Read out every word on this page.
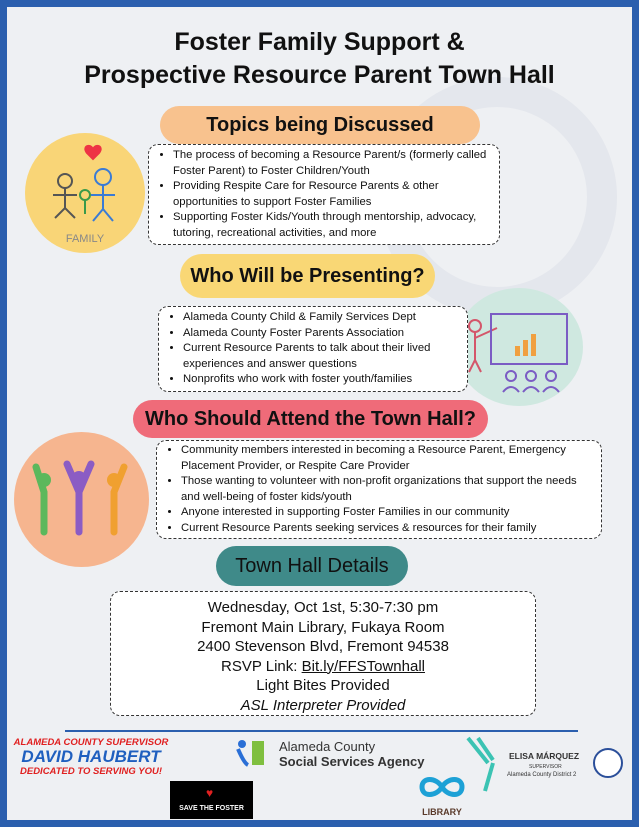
Foster Family Support &
Prospective Resource Parent Town Hall
FAMILY
Topics being Discussed
• The process of becoming a Resource Parent/s (formerly called Foster Parent) to Foster Children/Youth
• Providing Respite Care for Resource Parents & other opportunities to support Foster Families
• Supporting Foster Kids/Youth through mentorship, advocacy, tutoring, recreational activities, and more
Who Will be Presenting?
• Alameda County Child & Family Services Dept
• Alameda County Foster Parents Association
• Current Resource Parents to talk about their lived experiences and answer questions
• Nonprofits who work with foster youth/families
Who Should Attend the Town Hall?
• Community members interested in becoming a Resource Parent, Emergency Placement Provider, or Respite Care Provider
• Those wanting to volunteer with non-profit organizations that support the needs and well-being of foster kids/youth
• Anyone interested in supporting Foster Families in our community
• Current Resource Parents seeking services & resources for their family
Town Hall Details
Wednesday, Oct 1st, 5:30-7:30 pm
Fremont Main Library, Fukaya Room
2400 Stevenson Blvd, Fremont 94538
RSVP Link: Bit.ly/FFSTownhall
Light Bites Provided
ASL Interpreter Provided
ALAMEDA COUNTY SUPERVISOR
DAVID HAUBERT
DEDICATED TO SERVING YOU!
♥
SAVE THE FOSTER
Alameda County
Social Services Agency
LIBRARY
ELISA MÁRQUEZ
SUPERVISOR
Alameda County District 2
